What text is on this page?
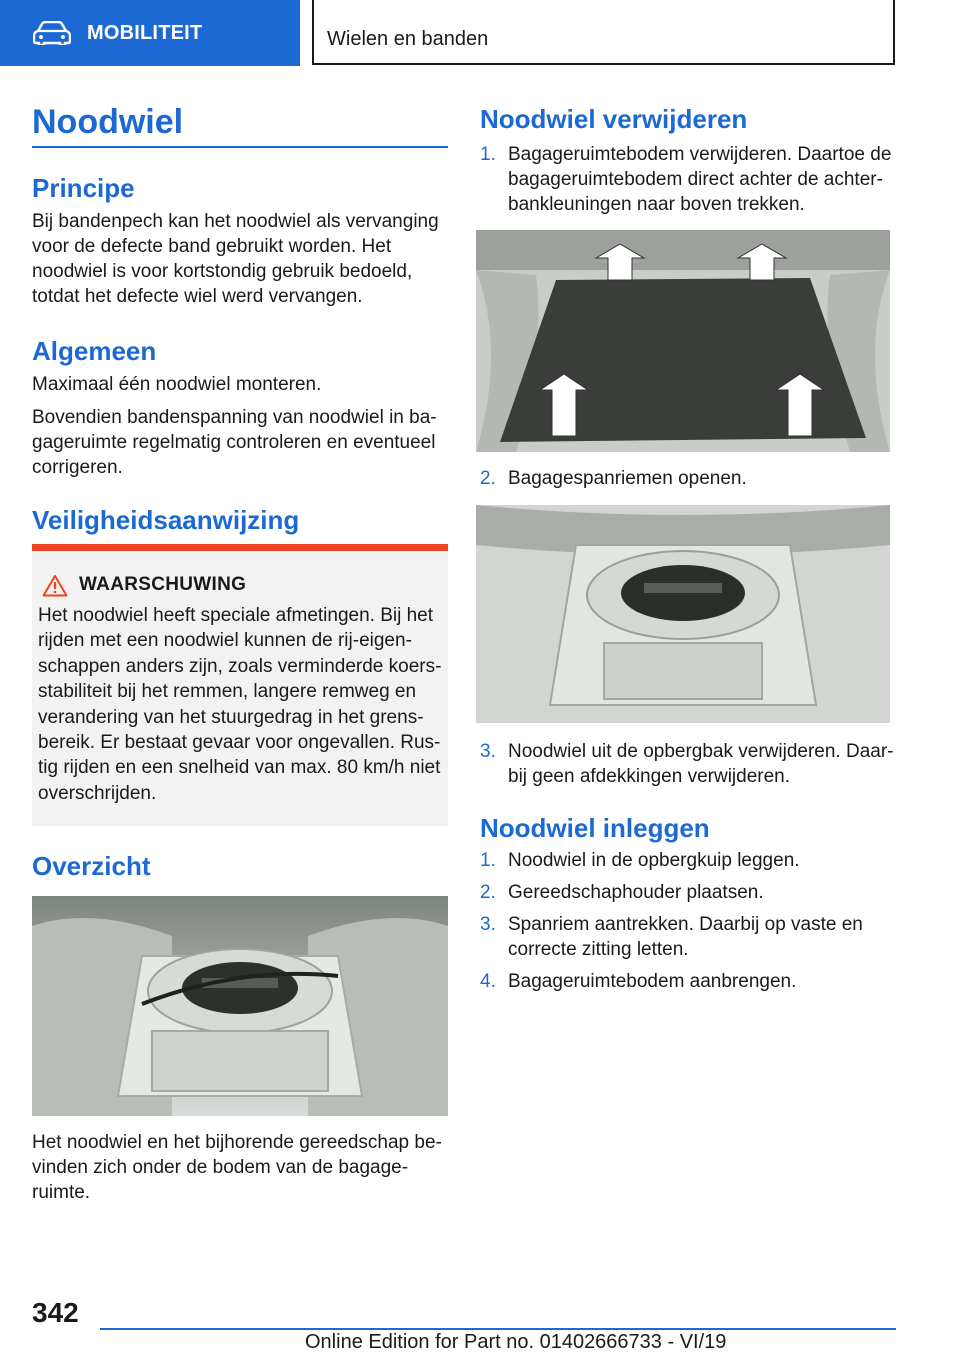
MOBILITEIT	Wielen en banden
Noodwiel
Principe

Bij bandenpech kan het noodwiel als vervanging voor de defecte band gebruikt worden. Het noodwiel is voor kortstondig gebruik bedoeld, totdat het defecte wiel werd vervangen.

Algemeen

Maximaal één noodwiel monteren.

Bovendien bandenspanning van noodwiel in ba-gageruimte regelmatig controleren en eventueel corrigeren.

Veiligheidsaanwijzing
WAARSCHUWING
Het noodwiel heeft speciale afmetingen. Bij het rijden met een noodwiel kunnen de rij-eigen-schappen anders zijn, zoals verminderde koers-stabiliteit bij het remmen, langere remweg en verandering van het stuurgedrag in het grens-bereik. Er bestaat gevaar voor ongevallen. Rus-tig rijden en een snelheid van max. 80 km/h niet overschrijden.
Overzicht

Het noodwiel en het bijhorende gereedschap be-vinden zich onder de bodem van de bagage-ruimte.

Noodwiel verwijderen
1. Bagageruimtebodem verwijderen. Daartoe de bagageruimtebodem direct achter de achter-bankleuningen naar boven trekken.
2. Bagagespanriemen openen.
3. Noodwiel uit de opbergbak verwijderen. Daar-bij geen afdekkingen verwijderen.
Noodwiel inleggen
1. Noodwiel in de opbergkuip leggen.
2. Gereedschaphouder plaatsen.
3. Spanriem aantrekken. Daarbij op vaste en correcte zitting letten.
4. Bagageruimtebodem aanbrengen.
342
Online Edition for Part no. 01402666733 - VI/19
